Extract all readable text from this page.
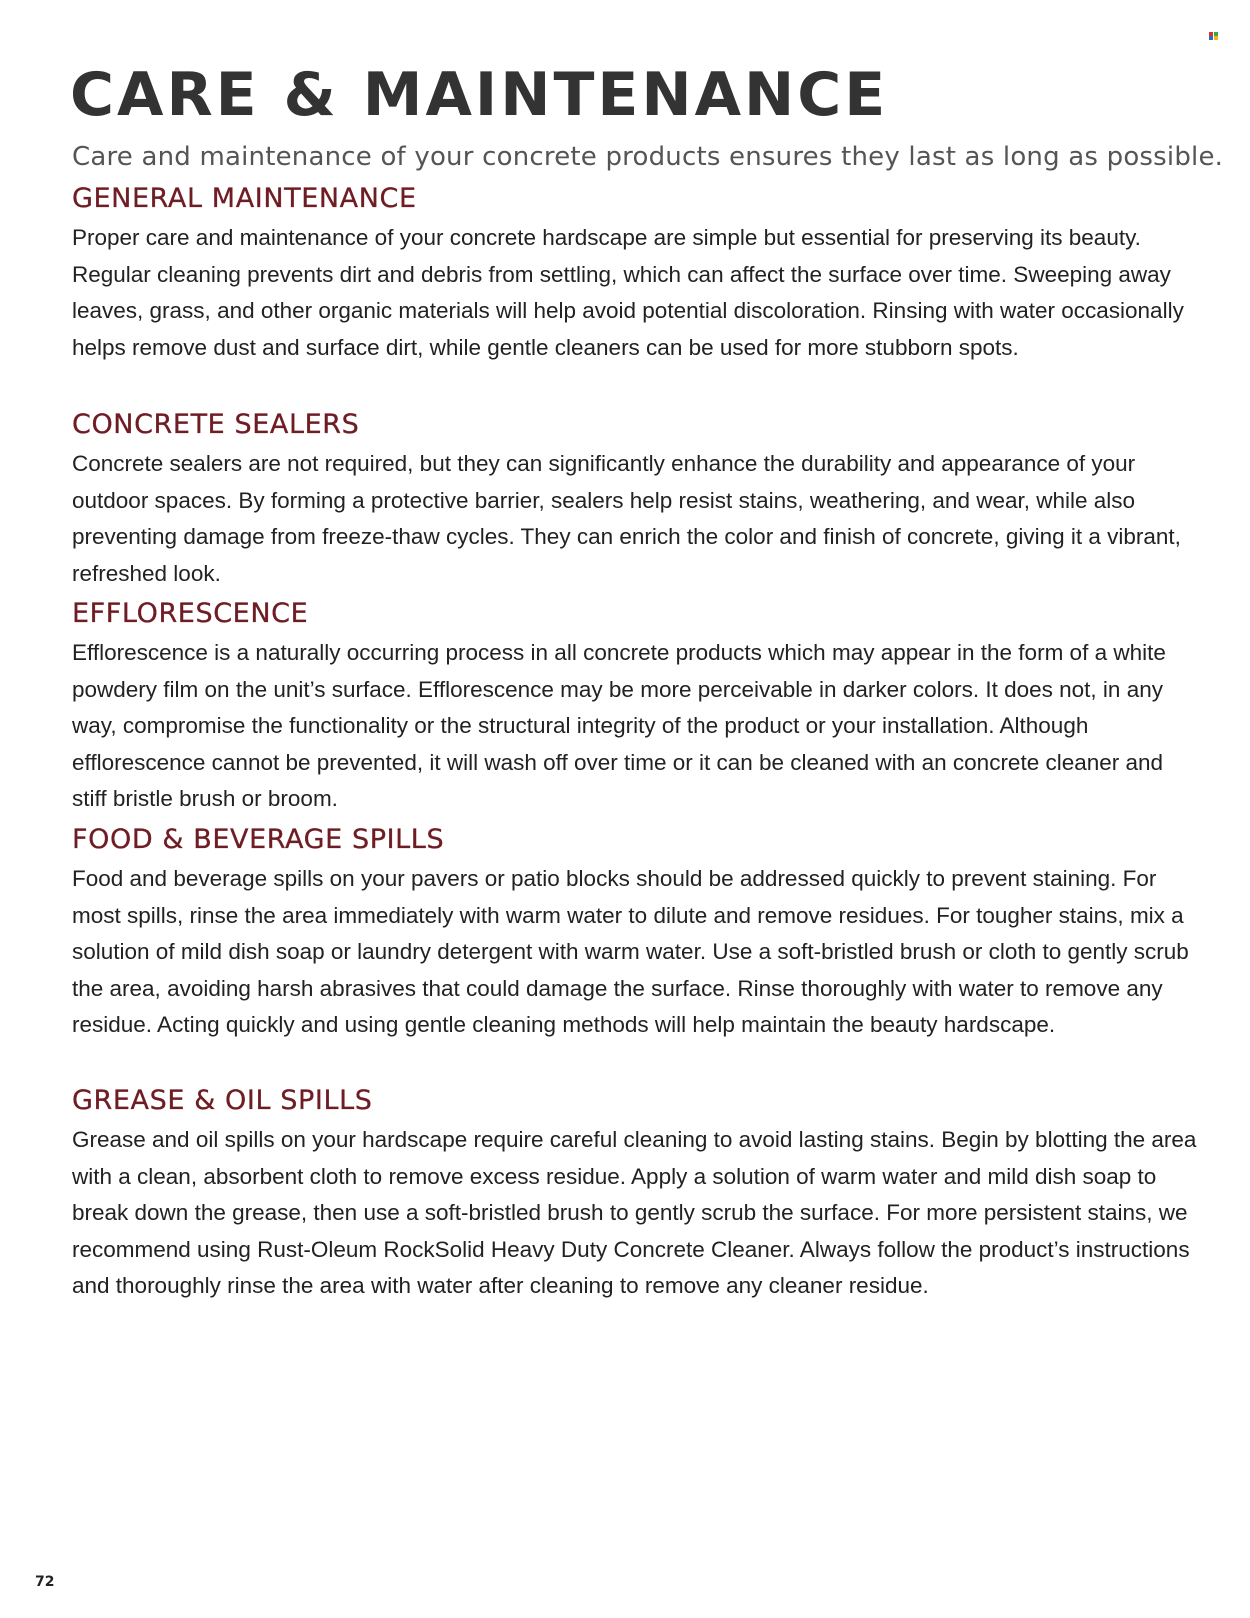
CARE & MAINTENANCE

Care and maintenance of your concrete products ensures they last as long as possible.

GENERAL MAINTENANCE

Proper care and maintenance of your concrete hardscape are simple but essential for preserving its beauty. Regular cleaning prevents dirt and debris from settling, which can affect the surface over time. Sweeping away leaves, grass, and other organic materials will help avoid potential discoloration. Rinsing with water occasionally helps remove dust and surface dirt, while gentle cleaners can be used for more stubborn spots.

CONCRETE SEALERS

Concrete sealers are not required, but they can significantly enhance the durability and appearance of your outdoor spaces. By forming a protective barrier, sealers help resist stains, weathering, and wear, while also preventing damage from freeze-thaw cycles. They can enrich the color and finish of concrete, giving it a vibrant, refreshed look.

EFFLORESCENCE

Efflorescence is a naturally occurring process in all concrete products which may appear in the form of a white powdery film on the unit’s surface. Efflorescence may be more perceivable in darker colors. It does not, in any way, compromise the functionality or the structural integrity of the product or your installation. Although efflorescence cannot be prevented, it will wash off over time or it can be cleaned with an concrete cleaner and stiff bristle brush or broom.

FOOD & BEVERAGE SPILLS

Food and beverage spills on your pavers or patio blocks should be addressed quickly to prevent staining. For most spills, rinse the area immediately with warm water to dilute and remove residues. For tougher stains, mix a solution of mild dish soap or laundry detergent with warm water. Use a soft-bristled brush or cloth to gently scrub the area, avoiding harsh abrasives that could damage the surface. Rinse thoroughly with water to remove any residue. Acting quickly and using gentle cleaning methods will help maintain the beauty hardscape.

GREASE & OIL SPILLS

Grease and oil spills on your hardscape require careful cleaning to avoid lasting stains. Begin by blotting the area with a clean, absorbent cloth to remove excess residue. Apply a solution of warm water and mild dish soap to break down the grease, then use a soft-bristled brush to gently scrub the surface. For more persistent stains, we recommend using Rust-Oleum RockSolid Heavy Duty Concrete Cleaner. Always follow the product’s instructions and thoroughly rinse the area with water after cleaning to remove any cleaner residue.

72
